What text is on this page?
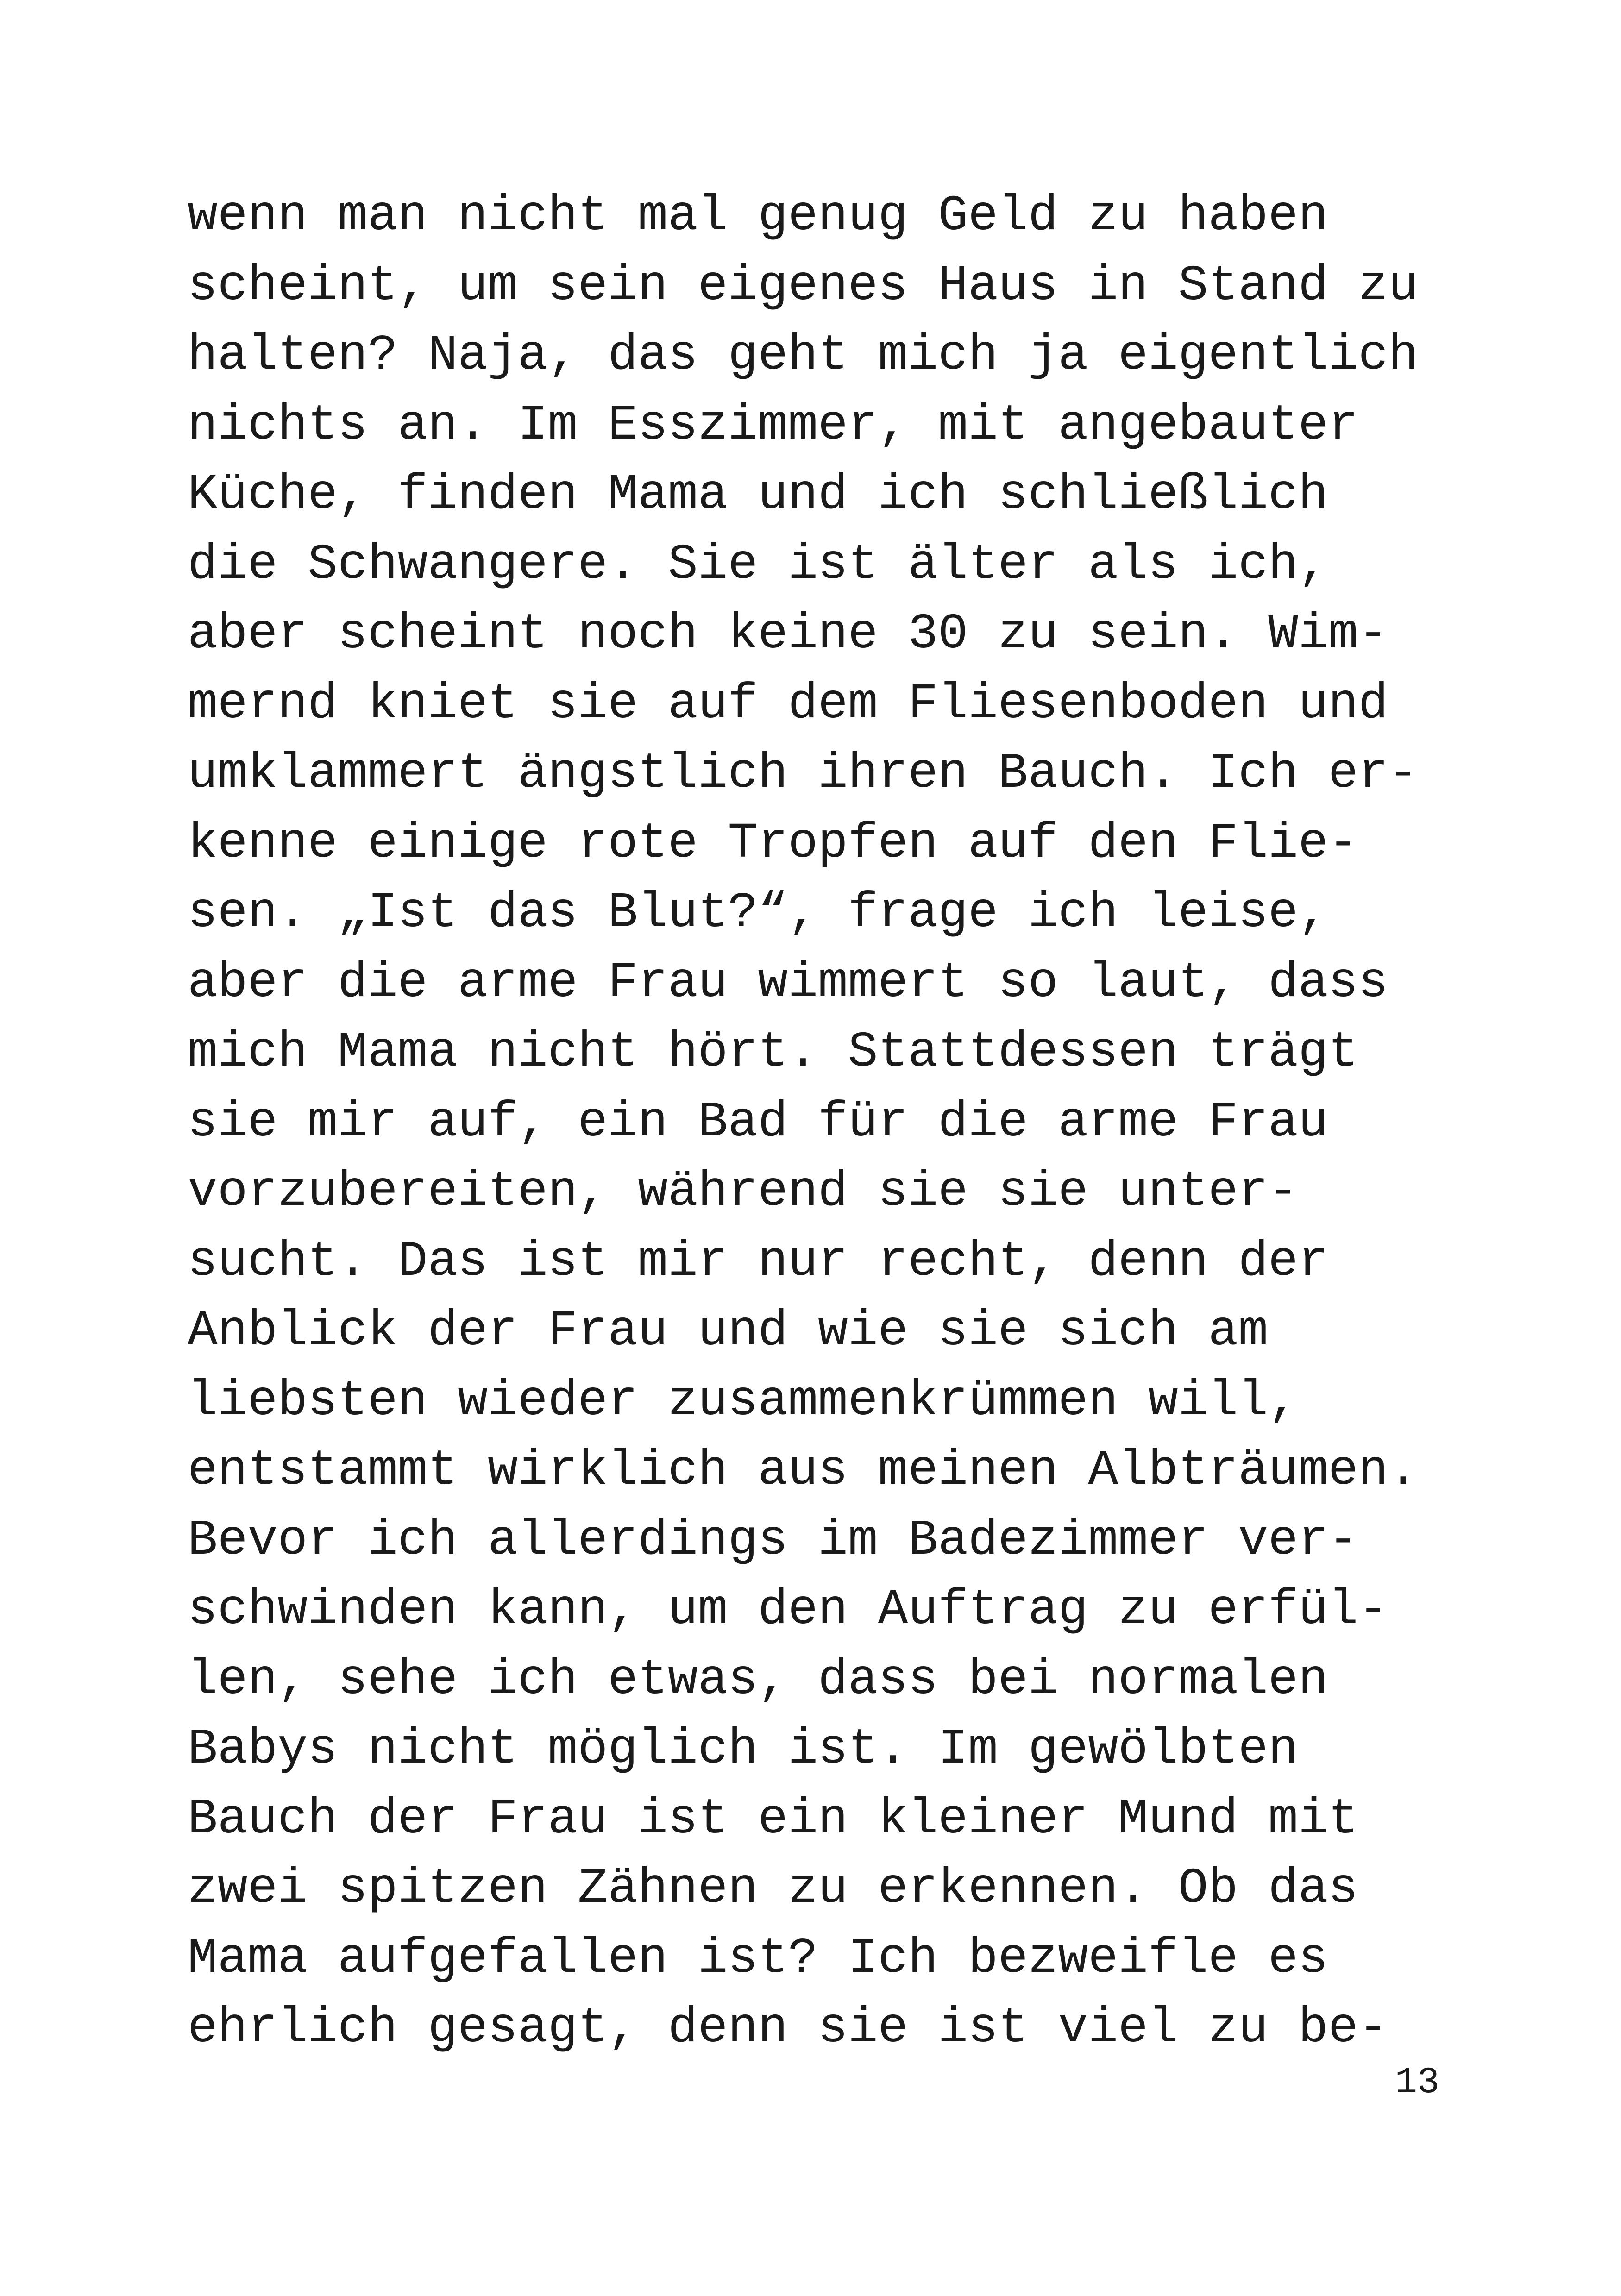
wenn man nicht mal genug Geld zu haben
scheint, um sein eigenes Haus in Stand zu
halten? Naja, das geht mich ja eigentlich
nichts an. Im Esszimmer, mit angebauter
Küche, finden Mama und ich schließlich
die Schwangere. Sie ist älter als ich,
aber scheint noch keine 30 zu sein. Wim-
mernd kniet sie auf dem Fliesenboden und
umklammert ängstlich ihren Bauch. Ich er-
kenne einige rote Tropfen auf den Flie-
sen. „Ist das Blut?“, frage ich leise,
aber die arme Frau wimmert so laut, dass
mich Mama nicht hört. Stattdessen trägt
sie mir auf, ein Bad für die arme Frau
vorzubereiten, während sie sie unter-
sucht. Das ist mir nur recht, denn der
Anblick der Frau und wie sie sich am
liebsten wieder zusammenkrümmen will,
entstammt wirklich aus meinen Albträumen.
Bevor ich allerdings im Badezimmer ver-
schwinden kann, um den Auftrag zu erfül-
len, sehe ich etwas, dass bei normalen
Babys nicht möglich ist. Im gewölbten
Bauch der Frau ist ein kleiner Mund mit
zwei spitzen Zähnen zu erkennen. Ob das
Mama aufgefallen ist? Ich bezweifle es
ehrlich gesagt, denn sie ist viel zu be-
13
